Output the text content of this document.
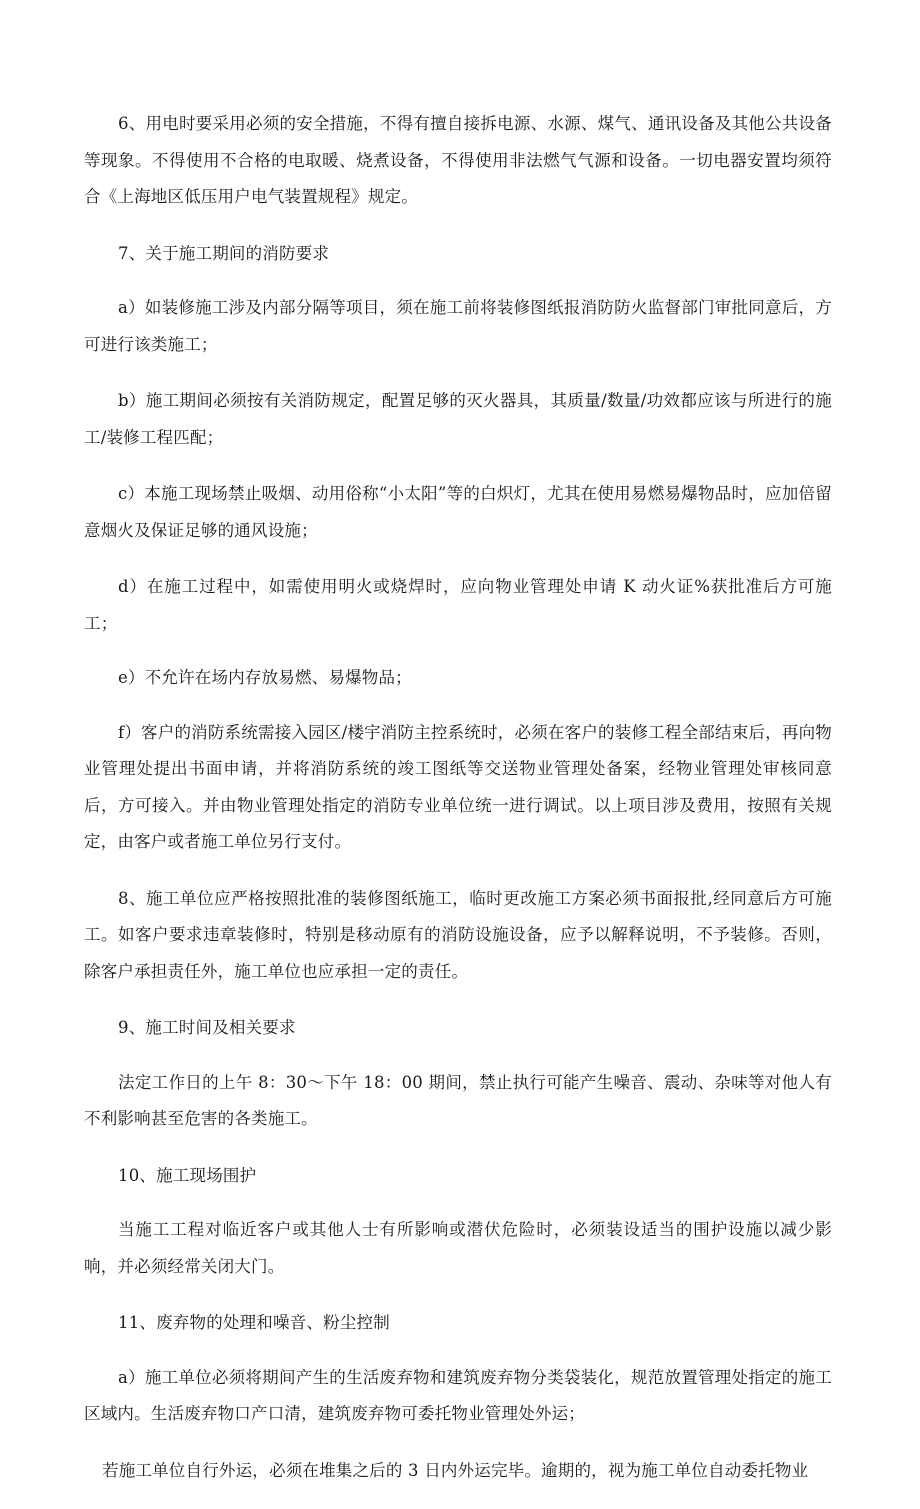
6、用电时要采用必须的安全措施，不得有擅自接拆电源、水源、煤气、通讯设备及其他公共设备等现象。不得使用不合格的电取暖、烧煮设备，不得使用非法燃气气源和设备。一切电器安置均须符合《上海地区低压用户电气装置规程》规定。

7、关于施工期间的消防要求

a）如装修施工涉及内部分隔等项目，须在施工前将装修图纸报消防防火监督部门审批同意后，方可进行该类施工；

b）施工期间必须按有关消防规定，配置足够的灭火器具，其质量/数量/功效都应该与所进行的施工/装修工程匹配；

c）本施工现场禁止吸烟、动用俗称“小太阳”等的白炽灯，尤其在使用易燃易爆物品时，应加倍留意烟火及保证足够的通风设施；

d）在施工过程中，如需使用明火或烧焊时，应向物业管理处申请 K 动火证%获批准后方可施工；

e）不允许在场内存放易燃、易爆物品；

f）客户的消防系统需接入园区/楼宇消防主控系统时，必须在客户的装修工程全部结束后，再向物业管理处提出书面申请，并将消防系统的竣工图纸等交送物业管理处备案，经物业管理处审核同意后，方可接入。并由物业管理处指定的消防专业单位统一进行调试。以上项目涉及费用，按照有关规定，由客户或者施工单位另行支付。

8、施工单位应严格按照批准的装修图纸施工，临时更改施工方案必须书面报批,经同意后方可施工。如客户要求违章装修时，特别是移动原有的消防设施设备，应予以解释说明，不予装修。否则，除客户承担责任外，施工单位也应承担一定的责任。

9、施工时间及相关要求

法定工作日的上午 8：30～下午 18：00 期间，禁止执行可能产生噪音、震动、杂味等对他人有不利影响甚至危害的各类施工。

10、施工现场围护

当施工工程对临近客户或其他人士有所影响或潜伏危险时，必须装设适当的围护设施以减少影响，并必须经常关闭大门。

11、废弃物的处理和噪音、粉尘控制

a）施工单位必须将期间产生的生活废弃物和建筑废弃物分类袋装化，规范放置管理处指定的施工区域内。生活废弃物口产口清，建筑废弃物可委托物业管理处外运；

若施工单位自行外运，必须在堆集之后的 3 日内外运完毕。逾期的，视为施工单位自动委托物业
